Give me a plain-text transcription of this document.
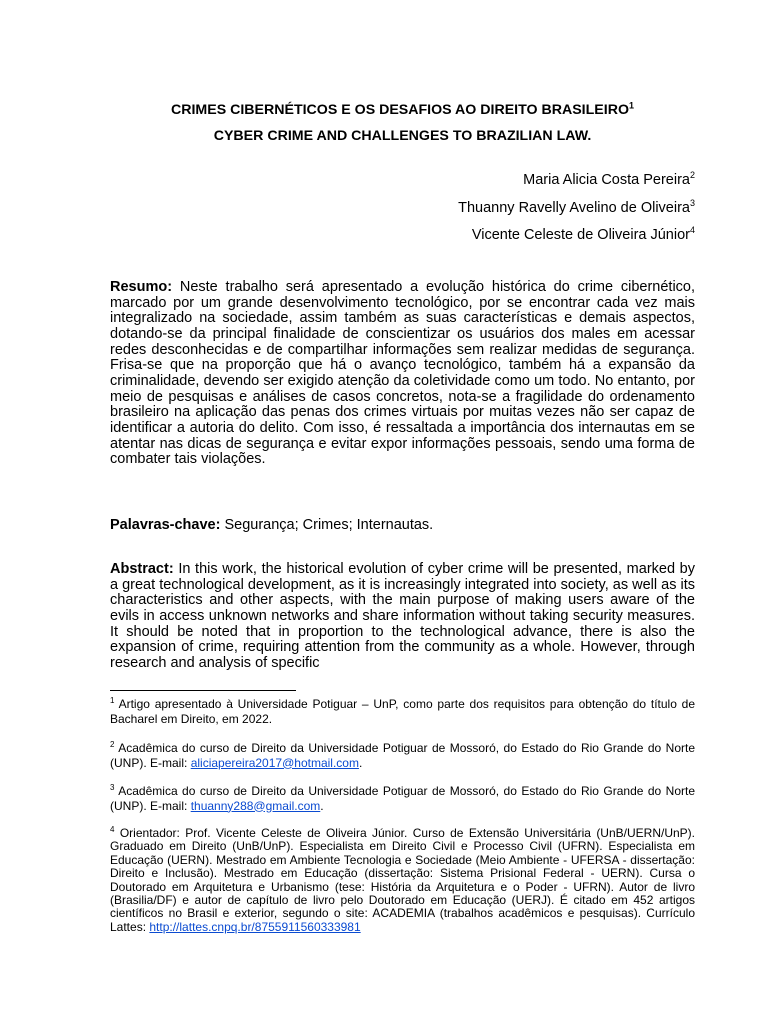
CRIMES CIBERNÉTICOS E OS DESAFIOS AO DIREITO BRASILEIRO$^1$
CYBER CRIME AND CHALLENGES TO BRAZILIAN LAW.
Maria Alicia Costa Pereira$^2$
Thuanny Ravelly Avelino de Oliveira$^3$
Vicente Celeste de Oliveira Júnior$^4$
Resumo: Neste trabalho será apresentado a evolução histórica do crime cibernético, marcado por um grande desenvolvimento tecnológico, por se encontrar cada vez mais integralizado na sociedade, assim também as suas características e demais aspectos, dotando-se da principal finalidade de conscientizar os usuários dos males em acessar redes desconhecidas e de compartilhar informações sem realizar medidas de segurança. Frisa-se que na proporção que há o avanço tecnológico, também há a expansão da criminalidade, devendo ser exigido atenção da coletividade como um todo. No entanto, por meio de pesquisas e análises de casos concretos, nota-se a fragilidade do ordenamento brasileiro na aplicação das penas dos crimes virtuais por muitas vezes não ser capaz de identificar a autoria do delito. Com isso, é ressaltada a importância dos internautas em se atentar nas dicas de segurança e evitar expor informações pessoais, sendo uma forma de combater tais violações.
Palavras-chave: Segurança; Crimes; Internautas.
Abstract: In this work, the historical evolution of cyber crime will be presented, marked by a great technological development, as it is increasingly integrated into society, as well as its characteristics and other aspects, with the main purpose of making users aware of the evils in access unknown networks and share information without taking security measures. It should be noted that in proportion to the technological advance, there is also the expansion of crime, requiring attention from the community as a whole. However, through research and analysis of specific
$^1$ Artigo apresentado à Universidade Potiguar – UnP, como parte dos requisitos para obtenção do título de Bacharel em Direito, em 2022.
$^2$ Acadêmica do curso de Direito da Universidade Potiguar de Mossoró, do Estado do Rio Grande do Norte (UNP). E-mail: aliciapereira2017@hotmail.com.
$^3$ Acadêmica do curso de Direito da Universidade Potiguar de Mossoró, do Estado do Rio Grande do Norte (UNP). E-mail: thuanny288@gmail.com.
$^4$ Orientador: Prof. Vicente Celeste de Oliveira Júnior. Curso de Extensão Universitária (UnB/UERN/UnP). Graduado em Direito (UnB/UnP). Especialista em Direito Civil e Processo Civil (UFRN). Especialista em Educação (UERN). Mestrado em Ambiente Tecnologia e Sociedade (Meio Ambiente - UFERSA - dissertação: Direito e Inclusão). Mestrado em Educação (dissertação: Sistema Prisional Federal - UERN). Cursa o Doutorado em Arquitetura e Urbanismo (tese: História da Arquitetura e o Poder - UFRN). Autor de livro (Brasilia/DF) e autor de capítulo de livro pelo Doutorado em Educação (UERJ). É citado em 452 artigos científicos no Brasil e exterior, segundo o site: ACADEMIA (trabalhos acadêmicos e pesquisas). Currículo Lattes: http://lattes.cnpq.br/8755911560333981
